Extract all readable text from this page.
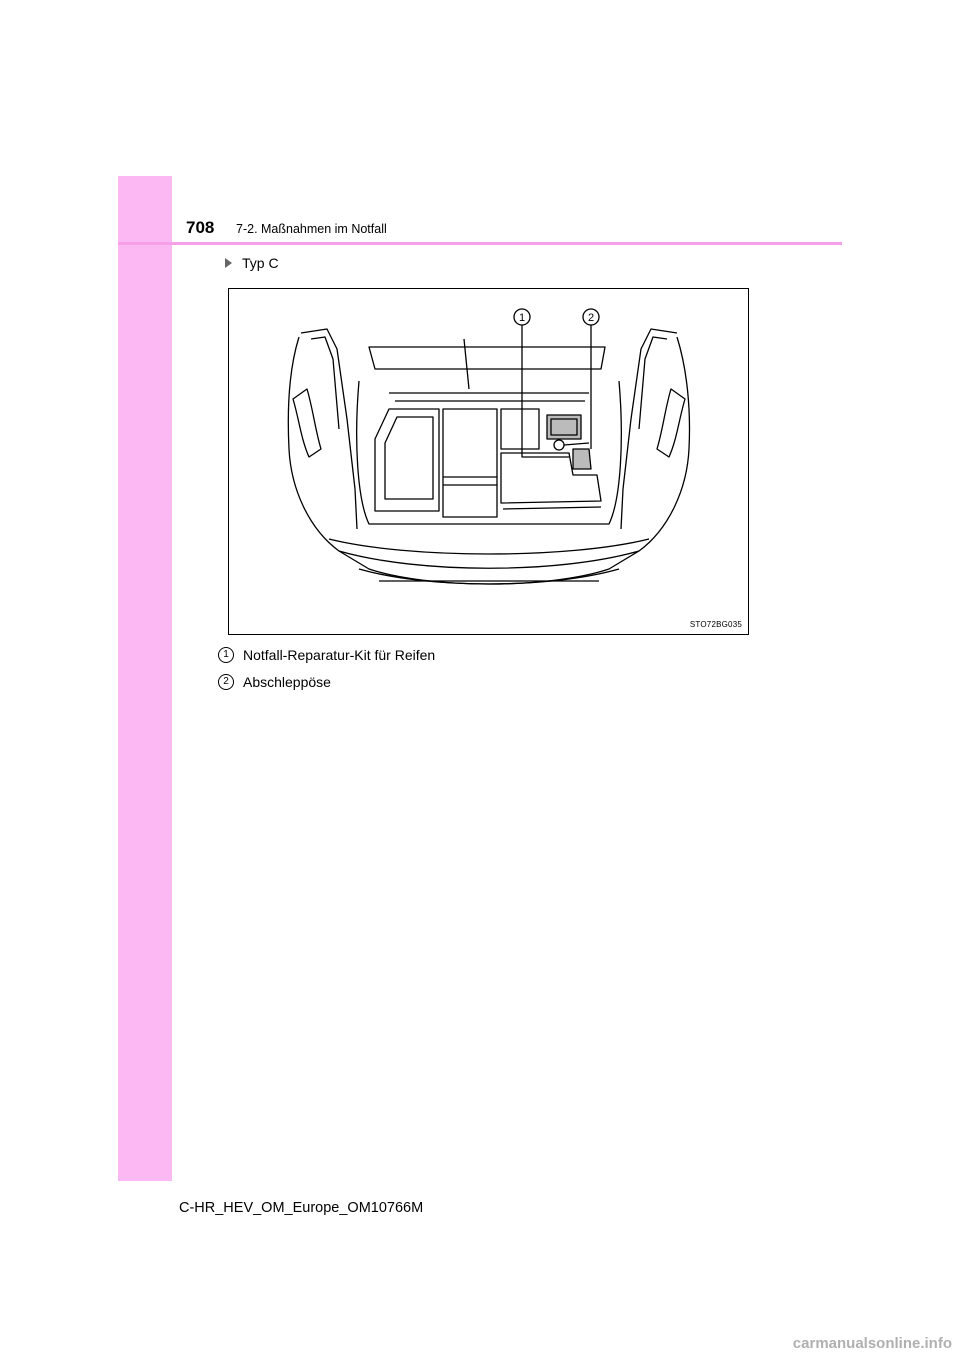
708 7-2. Maßnahmen im Notfall
Typ C
1	2
STO72BG035
1 Notfall-Reparatur-Kit für Reifen
2 Abschleppöse
C-HR_HEV_OM_Europe_OM10766M
carmanualsonline.info
